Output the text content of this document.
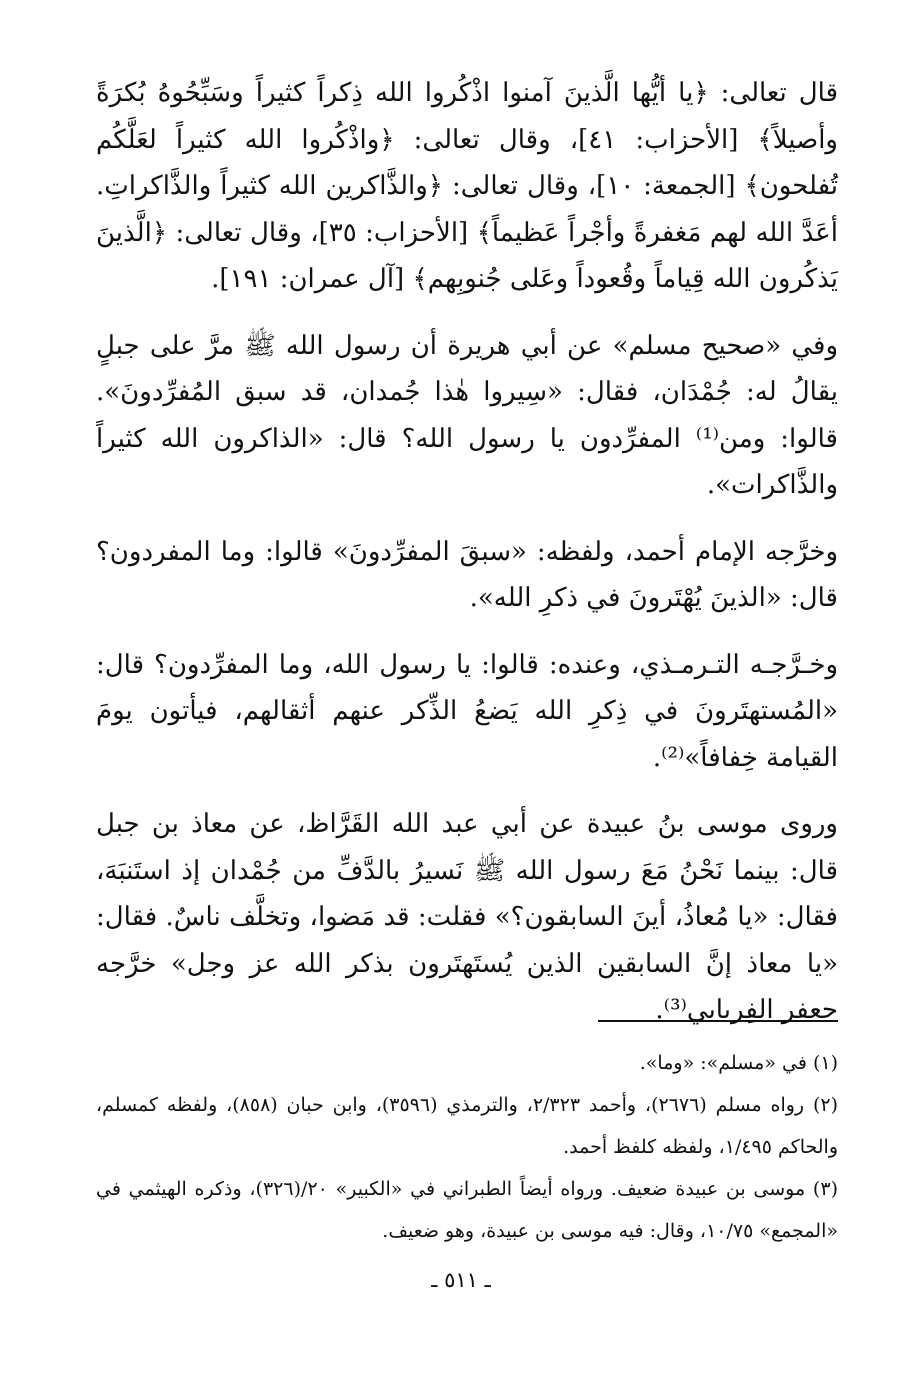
قال تعالى: ﴿يا أيُّها الَّذينَ آمنوا اذْكُروا الله ذِكراً كثيراً وسَبِّحُوهُ بُكرَةً وأصيلاً﴾ [الأحزاب: ٤١]، وقال تعالى: ﴿واذْكُروا الله كثيراً لعَلَّكُم تُفلحون﴾ [الجمعة: ١٠]، وقال تعالى: ﴿والذَّاكرين الله كثيراً والذَّاكراتِ. أعَدَّ الله لهم مَغفرةً وأجْراً عَظيماً﴾ [الأحزاب: ٣٥]، وقال تعالى: ﴿الَّذينَ يَذكُرون الله قِياماً وقُعوداً وعَلى جُنوبِهم﴾ [آل عمران: ١٩١].

وفي «صحيح مسلم» عن أبي هريرة أن رسول الله ﷺ مرَّ على جبلٍ يقالُ له: جُمْدَان، فقال: «سِيروا هٰذا جُمدان، قد سبق المُفرِّدونَ». قالوا: ومن⁽¹⁾ المفرِّدون يا رسول الله؟ قال: «الذاكرون الله كثيراً والذَّاكرات».

وخرَّجه الإمام أحمد، ولفظه: «سبقَ المفرِّدونَ» قالوا: وما المفردون؟ قال: «الذينَ يُهْتَرونَ في ذكرِ الله».

وخـرَّجـه التـرمـذي، وعنده: قالوا: يا رسول الله، وما المفرِّدون؟ قال: «المُستهتَرونَ في ذِكرِ الله يَضعُ الذِّكر عنهم أثقالهم، فيأتون يومَ القيامة خِفافاً»⁽²⁾.

وروى موسى بنُ عبيدة عن أبي عبد الله القَرَّاظ، عن معاذ بن جبل قال: بينما نَحْنُ مَعَ رسول الله ﷺ نَسيرُ بالدَّفِّ من جُمْدان إذ استَنبَهَ، فقال: «يا مُعاذُ، أينَ السابقون؟» فقلت: قد مَضوا، وتخلَّف ناسٌ. فقال: «يا معاذ إنَّ السابقين الذين يُستَهتَرون بذكر الله عز وجل» خرَّجه جعفر الفِريابي⁽³⁾.

(١) في «مسلم»: «وما».

(٢) رواه مسلم (٢٦٧٦)، وأحمد ٢/٣٢٣، والترمذي (٣٥٩٦)، وابن حبان (٨٥٨)، ولفظه كمسلم، والحاكم ١/٤٩٥، ولفظه كلفظ أحمد.

(٣) موسى بن عبيدة ضعيف. ورواه أيضاً الطبراني في «الكبير» ٢٠/(٣٢٦)، وذكره الهيثمي في «المجمع» ١٠/٧٥، وقال: فيه موسى بن عبيدة، وهو ضعيف.

ـ ٥١١ ـ
